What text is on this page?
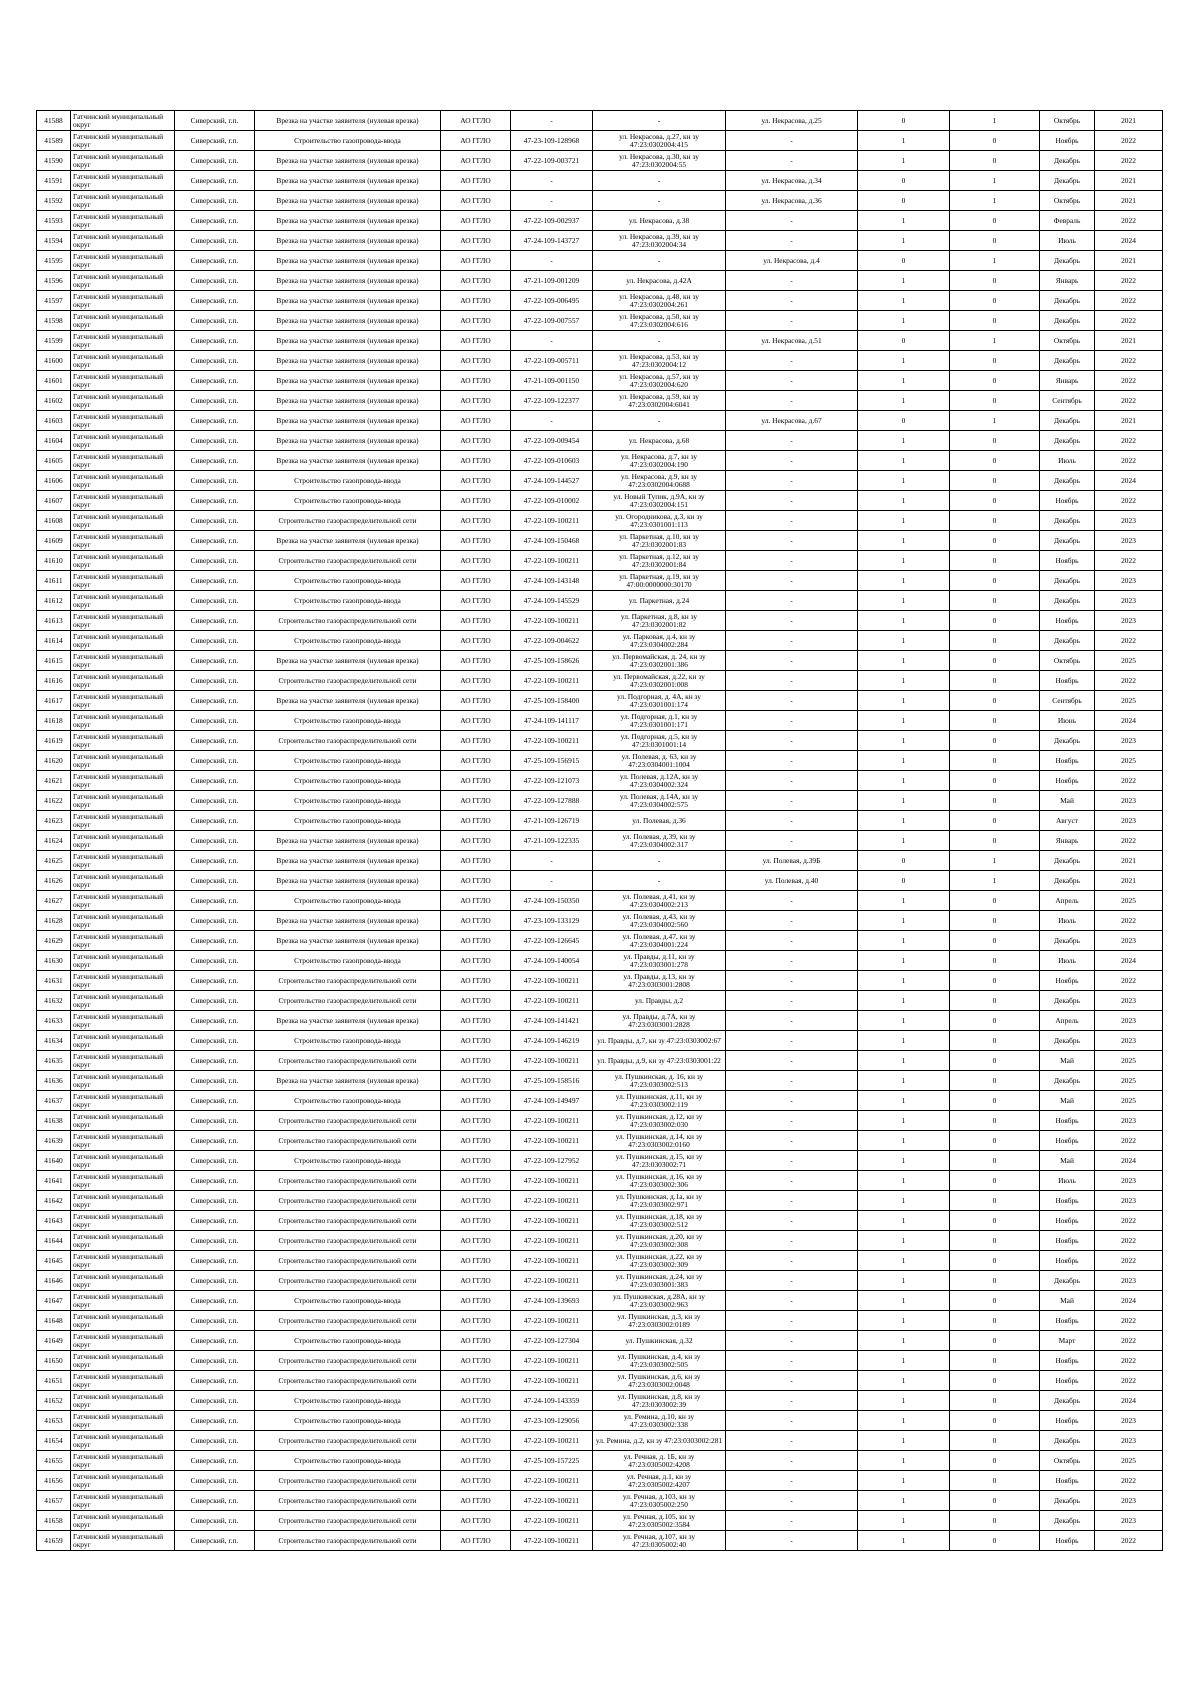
41588	Гатчинский муниципальный округ	Сиверский, г.п.	Врезка на участке заявителя (нулевая врезка)	АО ГГЛО	-	-	ул. Некрасова, д.25	0	1	Октябрь	2021
41589	Гатчинский муниципальный округ	Сиверский, г.п.	Строительство газопровода-ввода	АО ГГЛО	47-23-109-128968	ул. Некрасова, д.27, кн зу 47:23:0302004:415	-	1	0	Ноябрь	2022
41590	Гатчинский муниципальный округ	Сиверский, г.п.	Врезка на участке заявителя (нулевая врезка)	АО ГГЛО	47-22-109-003721	ул. Некрасова, д.30, кн зу 47:23:0302004:55	-	1	0	Декабрь	2022
41591	Гатчинский муниципальный округ	Сиверский, г.п.	Врезка на участке заявителя (нулевая врезка)	АО ГГЛО	-	-	ул. Некрасова, д.34	0	1	Декабрь	2021
41592	Гатчинский муниципальный округ	Сиверский, г.п.	Врезка на участке заявителя (нулевая врезка)	АО ГГЛО	-	-	ул. Некрасова, д.36	0	1	Октябрь	2021
41593	Гатчинский муниципальный округ	Сиверский, г.п.	Врезка на участке заявителя (нулевая врезка)	АО ГГЛО	47-22-109-002937	ул. Некрасова, д.38	-	1	0	Февраль	2022
41594	Гатчинский муниципальный округ	Сиверский, г.п.	Врезка на участке заявителя (нулевая врезка)	АО ГГЛО	47-24-109-143727	ул. Некрасова, д.39, кн зу 47:23:0302004:34	-	1	0	Июль	2024
41595	Гатчинский муниципальный округ	Сиверский, г.п.	Врезка на участке заявителя (нулевая врезка)	АО ГГЛО	-	-	ул. Некрасова, д.4	0	1	Декабрь	2021
41596	Гатчинский муниципальный округ	Сиверский, г.п.	Врезка на участке заявителя (нулевая врезка)	АО ГГЛО	47-21-109-001209	ул. Некрасова, д.42А	-	1	0	Январь	2022
41597	Гатчинский муниципальный округ	Сиверский, г.п.	Врезка на участке заявителя (нулевая врезка)	АО ГГЛО	47-22-109-006495	ул. Некрасова, д.48, кн зу 47:23:0302004:261	-	1	0	Декабрь	2022
41598	Гатчинский муниципальный округ	Сиверский, г.п.	Врезка на участке заявителя (нулевая врезка)	АО ГГЛО	47-22-109-007557	ул. Некрасова, д.50, кн зу 47:23:0302004:616	-	1	0	Декабрь	2022
41599	Гатчинский муниципальный округ	Сиверский, г.п.	Врезка на участке заявителя (нулевая врезка)	АО ГГЛО	-	-	ул. Некрасова, д.51	0	1	Октябрь	2021
41600	Гатчинский муниципальный округ	Сиверский, г.п.	Врезка на участке заявителя (нулевая врезка)	АО ГГЛО	47-22-109-005711	ул. Некрасова, д.53, кн зу 47:23:0302004:12	-	1	0	Декабрь	2022
41601	Гатчинский муниципальный округ	Сиверский, г.п.	Врезка на участке заявителя (нулевая врезка)	АО ГГЛО	47-21-109-001150	ул. Некрасова, д.57, кн зу 47:23:0302004:620	-	1	0	Январь	2022
41602	Гатчинский муниципальный округ	Сиверский, г.п.	Врезка на участке заявителя (нулевая врезка)	АО ГГЛО	47-22-109-122377	ул. Некрасова, д.59, кн зу 47:23:0302004:6041	-	1	0	Сентябрь	2022
41603	Гатчинский муниципальный округ	Сиверский, г.п.	Врезка на участке заявителя (нулевая врезка)	АО ГГЛО	-	-	ул. Некрасова, д.67	0	1	Декабрь	2021
41604	Гатчинский муниципальный округ	Сиверский, г.п.	Врезка на участке заявителя (нулевая врезка)	АО ГГЛО	47-22-109-009454	ул. Некрасова, д.68	-	1	0	Декабрь	2022
41605	Гатчинский муниципальный округ	Сиверский, г.п.	Врезка на участке заявителя (нулевая врезка)	АО ГГЛО	47-22-109-010603	ул. Некрасова, д.7, кн зу 47:23:0302004:190	-	1	0	Июль	2022
41606	Гатчинский муниципальный округ	Сиверский, г.п.	Строительство газопровода-ввода	АО ГГЛО	47-24-109-144527	ул. Некрасова, д.9, кн зу 47:23:0302004:0688	-	1	0	Декабрь	2024
41607	Гатчинский муниципальный округ	Сиверский, г.п.	Строительство газопровода-ввода	АО ГГЛО	47-22-109-010002	ул. Новый Тупик, д.9А, кн зу 47:23:0302004:151	-	1	0	Ноябрь	2022
41608	Гатчинский муниципальный округ	Сиверский, г.п.	Строительство газораспределительной сети	АО ГГЛО	47-22-109-100211	ул. Огородникова, д.3, кн зу 47:23:0301001:113	-	1	0	Декабрь	2023
41609	Гатчинский муниципальный округ	Сиверский, г.п.	Врезка на участке заявителя (нулевая врезка)	АО ГГЛО	47-24-109-150468	ул. Паркетная, д.10, кн зу 47:23:0302001:83	-	1	0	Декабрь	2023
41610	Гатчинский муниципальный округ	Сиверский, г.п.	Строительство газораспределительной сети	АО ГГЛО	47-22-109-100211	ул. Паркетная, д.12, кн зу 47:23:0302001:84	-	1	0	Ноябрь	2022
41611	Гатчинский муниципальный округ	Сиверский, г.п.	Строительство газопровода-ввода	АО ГГЛО	47-24-109-143148	ул. Паркетная, д.19, кн зу 47:00:0000000:30170	-	1	0	Декабрь	2023
41612	Гатчинский муниципальный округ	Сиверский, г.п.	Строительство газопровода-ввода	АО ГГЛО	47-24-109-145529	ул. Паркетная, д.24	-	1	0	Декабрь	2023
41613	Гатчинский муниципальный округ	Сиверский, г.п.	Строительство газораспределительной сети	АО ГГЛО	47-22-109-100211	ул. Паркетная, д.8, кн зу 47:23:0302001:82	-	1	0	Ноябрь	2023
41614	Гатчинский муниципальный округ	Сиверский, г.п.	Строительство газопровода-ввода	АО ГГЛО	47-22-109-004622	ул. Парковая, д.4, кн зу 47:23:0304002:284	-	1	0	Декабрь	2022
41615	Гатчинский муниципальный округ	Сиверский, г.п.	Врезка на участке заявителя (нулевая врезка)	АО ГГЛО	47-25-109-158626	ул. Первомайская, д. 24, кн зу 47:23:0302001:386	-	1	0	Октябрь	2025
41616	Гатчинский муниципальный округ	Сиверский, г.п.	Строительство газораспределительной сети	АО ГГЛО	47-22-109-100211	ул. Первомайская, д.22, кн зу 47:23:0302001:008	-	1	0	Ноябрь	2022
41617	Гатчинский муниципальный округ	Сиверский, г.п.	Врезка на участке заявителя (нулевая врезка)	АО ГГЛО	47-25-109-158400	ул. Подгорная, д. 4А, кн зу 47:23:0301001:174	-	1	0	Сентябрь	2025
41618	Гатчинский муниципальный округ	Сиверский, г.п.	Строительство газопровода-ввода	АО ГГЛО	47-24-109-141117	ул. Подгорная, д.1, кн зу 47:23:0301001:171	-	1	0	Июнь	2024
41619	Гатчинский муниципальный округ	Сиверский, г.п.	Строительство газораспределительной сети	АО ГГЛО	47-22-109-100211	ул. Подгорная, д.5, кн зу 47:23:0301001:14	-	1	0	Декабрь	2023
41620	Гатчинский муниципальный округ	Сиверский, г.п.	Строительство газопровода-ввода	АО ГГЛО	47-25-109-156915	ул. Полевая, д. 63, кн зу 47:23:0304001:1004	-	1	0	Ноябрь	2025
41621	Гатчинский муниципальный округ	Сиверский, г.п.	Строительство газопровода-ввода	АО ГГЛО	47-22-109-121073	ул. Полевая, д.12А, кн зу 47:23:0304002:324	-	1	0	Ноябрь	2022
41622	Гатчинский муниципальный округ	Сиверский, г.п.	Строительство газопровода-ввода	АО ГГЛО	47-22-109-127888	ул. Полевая, д.14А, кн зу 47:23:0304002:575	-	1	0	Май	2023
41623	Гатчинский муниципальный округ	Сиверский, г.п.	Строительство газопровода-ввода	АО ГГЛО	47-21-109-126719	ул. Полевая, д.36	-	1	0	Август	2023
41624	Гатчинский муниципальный округ	Сиверский, г.п.	Врезка на участке заявителя (нулевая врезка)	АО ГГЛО	47-21-109-122335	ул. Полевая, д.39, кн зу 47:23:0304002:317	-	1	0	Январь	2022
41625	Гатчинский муниципальный округ	Сиверский, г.п.	Врезка на участке заявителя (нулевая врезка)	АО ГГЛО	-	-	ул. Полевая, д.39Б	0	1	Декабрь	2021
41626	Гатчинский муниципальный округ	Сиверский, г.п.	Врезка на участке заявителя (нулевая врезка)	АО ГГЛО	-	-	ул. Полевая, д.40	0	1	Декабрь	2021
41627	Гатчинский муниципальный округ	Сиверский, г.п.	Строительство газопровода-ввода	АО ГГЛО	47-24-109-150350	ул. Полевая, д.41, кн зу 47:23:0304002:213	-	1	0	Апрель	2025
41628	Гатчинский муниципальный округ	Сиверский, г.п.	Врезка на участке заявителя (нулевая врезка)	АО ГГЛО	47-23-109-133129	ул. Полевая, д.43, кн зу 47:23:0304002:560	-	1	0	Июль	2022
41629	Гатчинский муниципальный округ	Сиверский, г.п.	Врезка на участке заявителя (нулевая врезка)	АО ГГЛО	47-22-109-126645	ул. Полевая, д.47, кн зу 47:23:0304001:224	-	1	0	Декабрь	2023
41630	Гатчинский муниципальный округ	Сиверский, г.п.	Строительство газопровода-ввода	АО ГГЛО	47-24-109-140054	ул. Правды, д.11, кн зу 47:23:0303001:278	-	1	0	Июль	2024
41631	Гатчинский муниципальный округ	Сиверский, г.п.	Строительство газораспределительной сети	АО ГГЛО	47-22-109-100211	ул. Правды, д.13, кн зу 47:23:0303001:2808	-	1	0	Ноябрь	2022
41632	Гатчинский муниципальный округ	Сиверский, г.п.	Строительство газораспределительной сети	АО ГГЛО	47-22-109-100211	ул. Правды, д.2	-	1	0	Декабрь	2023
41633	Гатчинский муниципальный округ	Сиверский, г.п.	Врезка на участке заявителя (нулевая врезка)	АО ГГЛО	47-24-109-141421	ул. Правды, д.7А, кн зу 47:23:0303001:2828	-	1	0	Апрель	2023
41634	Гатчинский муниципальный округ	Сиверский, г.п.	Строительство газопровода-ввода	АО ГГЛО	47-24-109-146219	ул. Правды, д.7, кн зу 47:23:0303002:67	-	1	0	Декабрь	2023
41635	Гатчинский муниципальный округ	Сиверский, г.п.	Строительство газораспределительной сети	АО ГГЛО	47-22-109-100211	ул. Правды, д.9, кн зу 47:23:0303001:22	-	1	0	Май	2025
41636	Гатчинский муниципальный округ	Сиверский, г.п.	Врезка на участке заявителя (нулевая врезка)	АО ГГЛО	47-25-109-158516	ул. Пушкинская, д. 16, кн зу 47:23:0303002:513	-	1	0	Декабрь	2025
41637	Гатчинский муниципальный округ	Сиверский, г.п.	Строительство газопровода-ввода	АО ГГЛО	47-24-109-149497	ул. Пушкинская, д.11, кн зу 47:23:0303002:119	-	1	0	Май	2025
41638	Гатчинский муниципальный округ	Сиверский, г.п.	Строительство газораспределительной сети	АО ГГЛО	47-22-109-100211	ул. Пушкинская, д.12, кн зу 47:23:0303002:030	-	1	0	Ноябрь	2023
41639	Гатчинский муниципальный округ	Сиверский, г.п.	Строительство газораспределительной сети	АО ГГЛО	47-22-109-100211	ул. Пушкинская, д.14, кн зу 47:23:0303002:0160	-	1	0	Ноябрь	2022
41640	Гатчинский муниципальный округ	Сиверский, г.п.	Строительство газопровода-ввода	АО ГГЛО	47-22-109-127952	ул. Пушкинская, д.15, кн зу 47:23:0303002:71	-	1	0	Май	2024
41641	Гатчинский муниципальный округ	Сиверский, г.п.	Строительство газораспределительной сети	АО ГГЛО	47-22-109-100211	ул. Пушкинская, д.16, кн зу 47:23:0303002:306	-	1	0	Июль	2023
41642	Гатчинский муниципальный округ	Сиверский, г.п.	Строительство газораспределительной сети	АО ГГЛО	47-22-109-100211	ул. Пушкинская, д.1а, кн зу 47:23:0303002:971	-	1	0	Ноябрь	2023
41643	Гатчинский муниципальный округ	Сиверский, г.п.	Строительство газораспределительной сети	АО ГГЛО	47-22-109-100211	ул. Пушкинская, д.18, кн зу 47:23:0303002:512	-	1	0	Ноябрь	2022
41644	Гатчинский муниципальный округ	Сиверский, г.п.	Строительство газораспределительной сети	АО ГГЛО	47-22-109-100211	ул. Пушкинская, д.20, кн зу 47:23:0303002:308	-	1	0	Ноябрь	2022
41645	Гатчинский муниципальный округ	Сиверский, г.п.	Строительство газораспределительной сети	АО ГГЛО	47-22-109-100211	ул. Пушкинская, д.22, кн зу 47:23:0303002:309	-	1	0	Ноябрь	2022
41646	Гатчинский муниципальный округ	Сиверский, г.п.	Строительство газораспределительной сети	АО ГГЛО	47-22-109-100211	ул. Пушкинская, д.24, кн зу 47:23:0303001:383	-	1	0	Декабрь	2023
41647	Гатчинский муниципальный округ	Сиверский, г.п.	Строительство газопровода-ввода	АО ГГЛО	47-24-109-139693	ул. Пушкинская, д.28А, кн зу 47:23:0303002:963	-	1	0	Май	2024
41648	Гатчинский муниципальный округ	Сиверский, г.п.	Строительство газораспределительной сети	АО ГГЛО	47-22-109-100211	ул. Пушкинская, д.3, кн зу 47:23:0303002:0189	-	1	0	Ноябрь	2022
41649	Гатчинский муниципальный округ	Сиверский, г.п.	Строительство газопровода-ввода	АО ГГЛО	47-22-109-127304	ул. Пушкинская, д.32	-	1	0	Март	2022
41650	Гатчинский муниципальный округ	Сиверский, г.п.	Строительство газораспределительной сети	АО ГГЛО	47-22-109-100211	ул. Пушкинская, д.4, кн зу 47:23:0303002:505	-	1	0	Ноябрь	2022
41651	Гатчинский муниципальный округ	Сиверский, г.п.	Строительство газораспределительной сети	АО ГГЛО	47-22-109-100211	ул. Пушкинская, д.6, кн зу 47:23:0303002:0048	-	1	0	Ноябрь	2022
41652	Гатчинский муниципальный округ	Сиверский, г.п.	Строительство газопровода-ввода	АО ГГЛО	47-24-109-143359	ул. Пушкинская, д.8, кн зу 47:23:0303002:39	-	1	0	Декабрь	2024
41653	Гатчинский муниципальный округ	Сиверский, г.п.	Строительство газопровода-ввода	АО ГГЛО	47-23-109-129056	ул. Ремина, д.10, кн зу 47:23:0303002:338	-	1	0	Ноябрь	2023
41654	Гатчинский муниципальный округ	Сиверский, г.п.	Строительство газораспределительной сети	АО ГГЛО	47-22-109-100211	ул. Ремина, д.2, кн зу 47:23:0303002:281	-	1	0	Декабрь	2023
41655	Гатчинский муниципальный округ	Сиверский, г.п.	Строительство газопровода-ввода	АО ГГЛО	47-25-109-157225	ул. Речная, д. 1Б, кн зу 47:23:0305002:4208	-	1	0	Октябрь	2025
41656	Гатчинский муниципальный округ	Сиверский, г.п.	Строительство газораспределительной сети	АО ГГЛО	47-22-109-100211	ул. Речная, д.1, кн зу 47:23:0305002:4207	-	1	0	Ноябрь	2022
41657	Гатчинский муниципальный округ	Сиверский, г.п.	Строительство газораспределительной сети	АО ГГЛО	47-22-109-100211	ул. Речная, д.103, кн зу 47:23:0305002:250	-	1	0	Декабрь	2023
41658	Гатчинский муниципальный округ	Сиверский, г.п.	Строительство газораспределительной сети	АО ГГЛО	47-22-109-100211	ул. Речная, д.105, кн зу 47:23:0305002:3584	-	1	0	Декабрь	2023
41659	Гатчинский муниципальный округ	Сиверский, г.п.	Строительство газораспределительной сети	АО ГГЛО	47-22-109-100211	ул. Речная, д.107, кн зу 47:23:0305002:40	-	1	0	Ноябрь	2022
